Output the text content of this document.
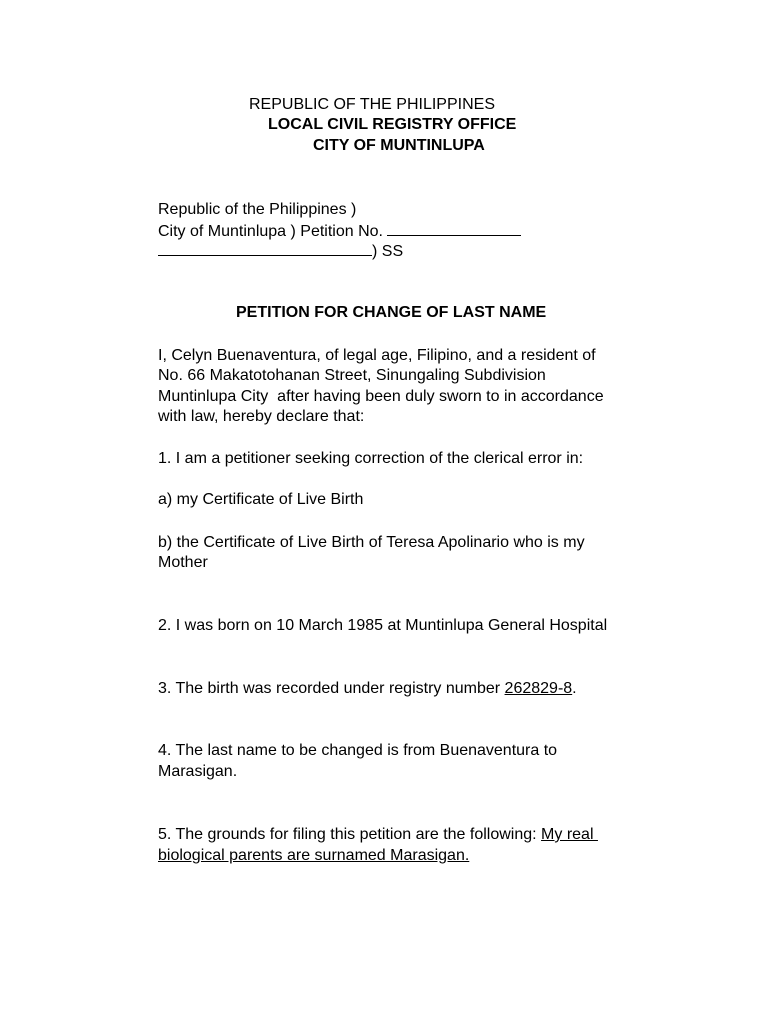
REPUBLIC OF THE PHILIPPINES
LOCAL CIVIL REGISTRY OFFICE
CITY OF MUNTINLUPA
Republic of the Philippines )
City of Muntinlupa ) Petition No.
) SS
PETITION FOR CHANGE OF LAST NAME
I, Celyn Buenaventura, of legal age, Filipino, and a resident of
No. 66 Makatotohanan Street, Sinungaling Subdivision
Muntinlupa City  after having been duly sworn to in accordance
with law, hereby declare that:
1. I am a petitioner seeking correction of the clerical error in:
a) my Certificate of Live Birth
b) the Certificate of Live Birth of Teresa Apolinario who is my
Mother
2. I was born on 10 March 1985 at Muntinlupa General Hospital
3. The birth was recorded under registry number 262829-8.
4. The last name to be changed is from Buenaventura to
Marasigan.
5. The grounds for filing this petition are the following: My real
biological parents are surnamed Marasigan.
